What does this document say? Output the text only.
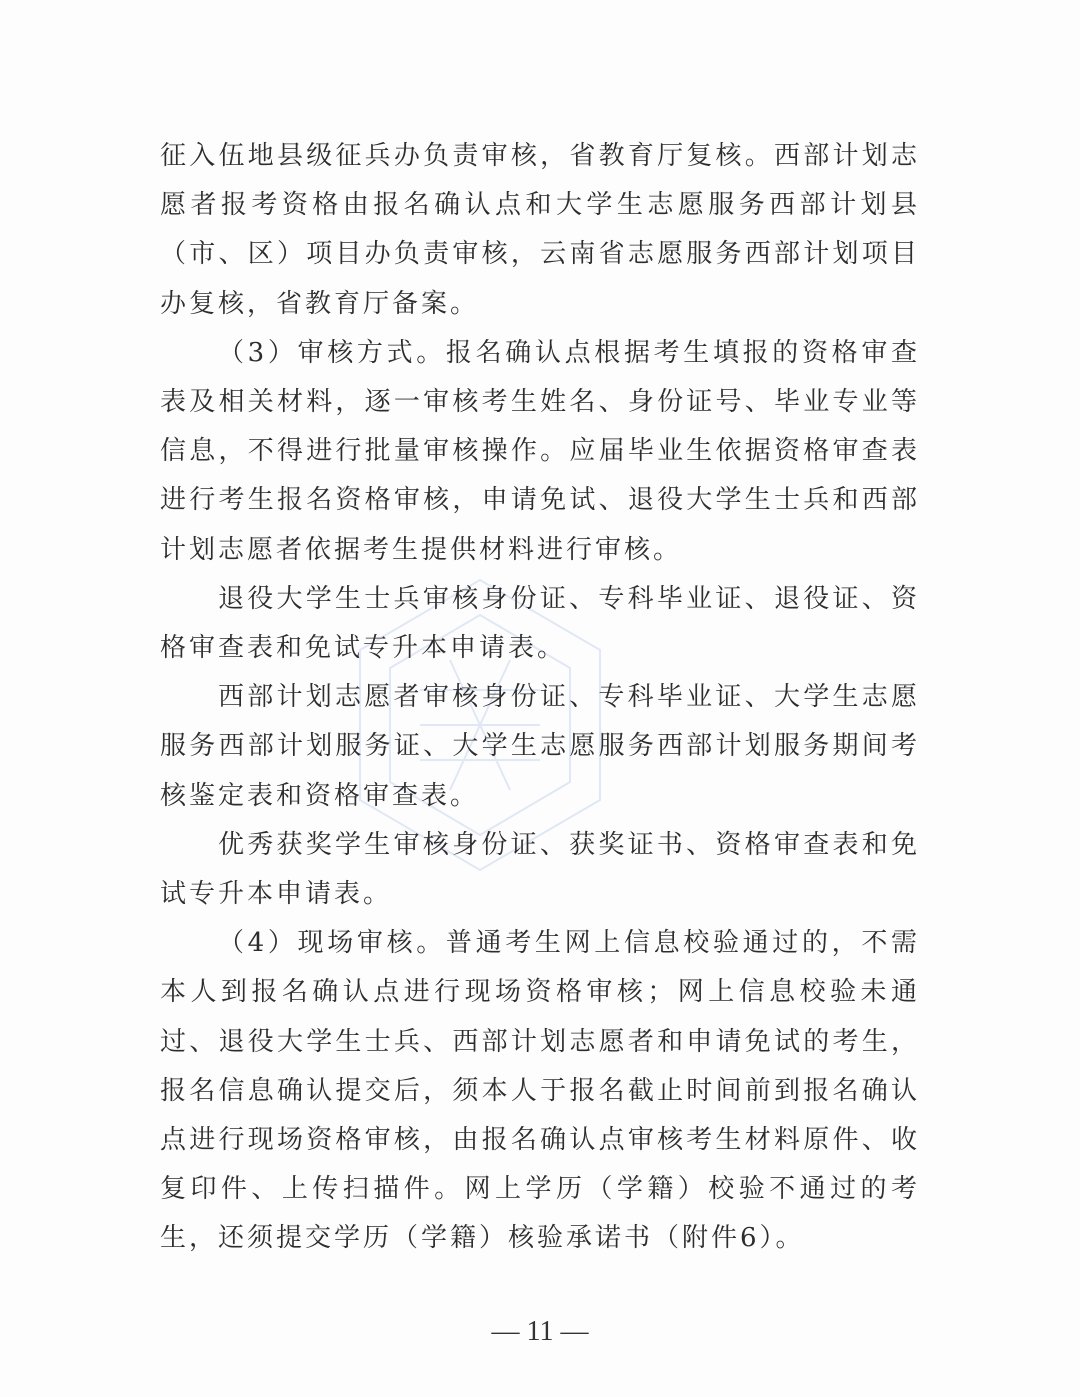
征入伍地县级征兵办负责审核，省教育厅复核。西部计划志愿者报考资格由报名确认点和大学生志愿服务西部计划县（市、区）项目办负责审核，云南省志愿服务西部计划项目办复核，省教育厅备案。

（3）审核方式。报名确认点根据考生填报的资格审查表及相关材料，逐一审核考生姓名、身份证号、毕业专业等信息，不得进行批量审核操作。应届毕业生依据资格审查表进行考生报名资格审核，申请免试、退役大学生士兵和西部计划志愿者依据考生提供材料进行审核。

退役大学生士兵审核身份证、专科毕业证、退役证、资格审查表和免试专升本申请表。

西部计划志愿者审核身份证、专科毕业证、大学生志愿服务西部计划服务证、大学生志愿服务西部计划服务期间考核鉴定表和资格审查表。

优秀获奖学生审核身份证、获奖证书、资格审查表和免试专升本申请表。

（4）现场审核。普通考生网上信息校验通过的，不需本人到报名确认点进行现场资格审核；网上信息校验未通过、退役大学生士兵、西部计划志愿者和申请免试的考生，报名信息确认提交后，须本人于报名截止时间前到报名确认点进行现场资格审核，由报名确认点审核考生材料原件、收复印件、上传扫描件。网上学历（学籍）校验不通过的考生，还须提交学历（学籍）核验承诺书（附件6）。

— 11 —
